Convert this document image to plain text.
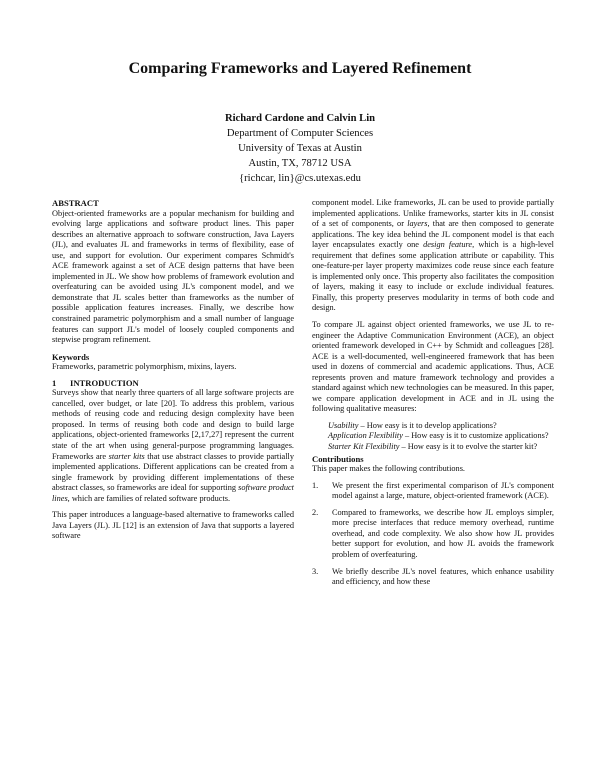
Comparing Frameworks and Layered Refinement
Richard Cardone and Calvin Lin
Department of Computer Sciences
University of Texas at Austin
Austin, TX, 78712 USA
{richcar, lin}@cs.utexas.edu
ABSTRACT

Object-oriented frameworks are a popular mechanism for building and evolving large applications and software product lines. This paper describes an alternative approach to software construction, Java Layers (JL), and evaluates JL and frameworks in terms of flexibility, ease of use, and support for evolution. Our experiment compares Schmidt's ACE framework against a set of ACE design patterns that have been implemented in JL. We show how problems of framework evolution and overfeaturing can be avoided using JL's component model, and we demonstrate that JL scales better than frameworks as the number of possible application features increases. Finally, we describe how constrained parametric polymorphism and a small number of language features can support JL's model of loosely coupled components and stepwise program refinement.

Keywords

Frameworks, parametric polymorphism, mixins, layers.

1 INTRODUCTION

Surveys show that nearly three quarters of all large software projects are cancelled, over budget, or late [20]. To address this problem, various methods of reusing code and reducing design complexity have been proposed. In terms of reusing both code and design to build large applications, object-oriented frameworks [2,17,27] represent the current state of the art when using general-purpose programming languages. Frameworks are starter kits that use abstract classes to provide partially implemented applications. Different applications can be created from a single framework by providing different implementations of these abstract classes, so frameworks are ideal for supporting software product lines, which are families of related software products.

This paper introduces a language-based alternative to frameworks called Java Layers (JL). JL [12] is an extension of Java that supports a layered software

component model. Like frameworks, JL can be used to provide partially implemented applications. Unlike frameworks, starter kits in JL consist of a set of components, or layers, that are then composed to generate applications. The key idea behind the JL component model is that each layer encapsulates exactly one design feature, which is a high-level requirement that defines some application attribute or capability. This one-feature-per layer property maximizes code reuse since each feature is implemented only once. This property also facilitates the composition of layers, making it easy to include or exclude individual features. Finally, this property preserves modularity in terms of both code and design.

To compare JL against object oriented frameworks, we use JL to re-engineer the Adaptive Communication Environment (ACE), an object oriented framework developed in C++ by Schmidt and colleagues [28]. ACE is a well-documented, well-engineered framework that has been used in dozens of commercial and academic applications. Thus, ACE represents proven and mature framework technology and provides a standard against which new technologies can be measured. In this paper, we compare application development in ACE and in JL using the following qualitative measures:

Usability – How easy is it to develop applications?
Application Flexibility – How easy is it to customize applications?
Starter Kit Flexibility – How easy is it to evolve the starter kit?
Contributions

This paper makes the following contributions.

1. We present the first experimental comparison of JL's component model against a large, mature, object-oriented framework (ACE).
2. Compared to frameworks, we describe how JL employs simpler, more precise interfaces that reduce memory overhead, runtime overhead, and code complexity. We also show how JL provides better support for evolution, and how JL avoids the framework problem of overfeaturing.
3. We briefly describe JL's novel features, which enhance usability and efficiency, and how these
